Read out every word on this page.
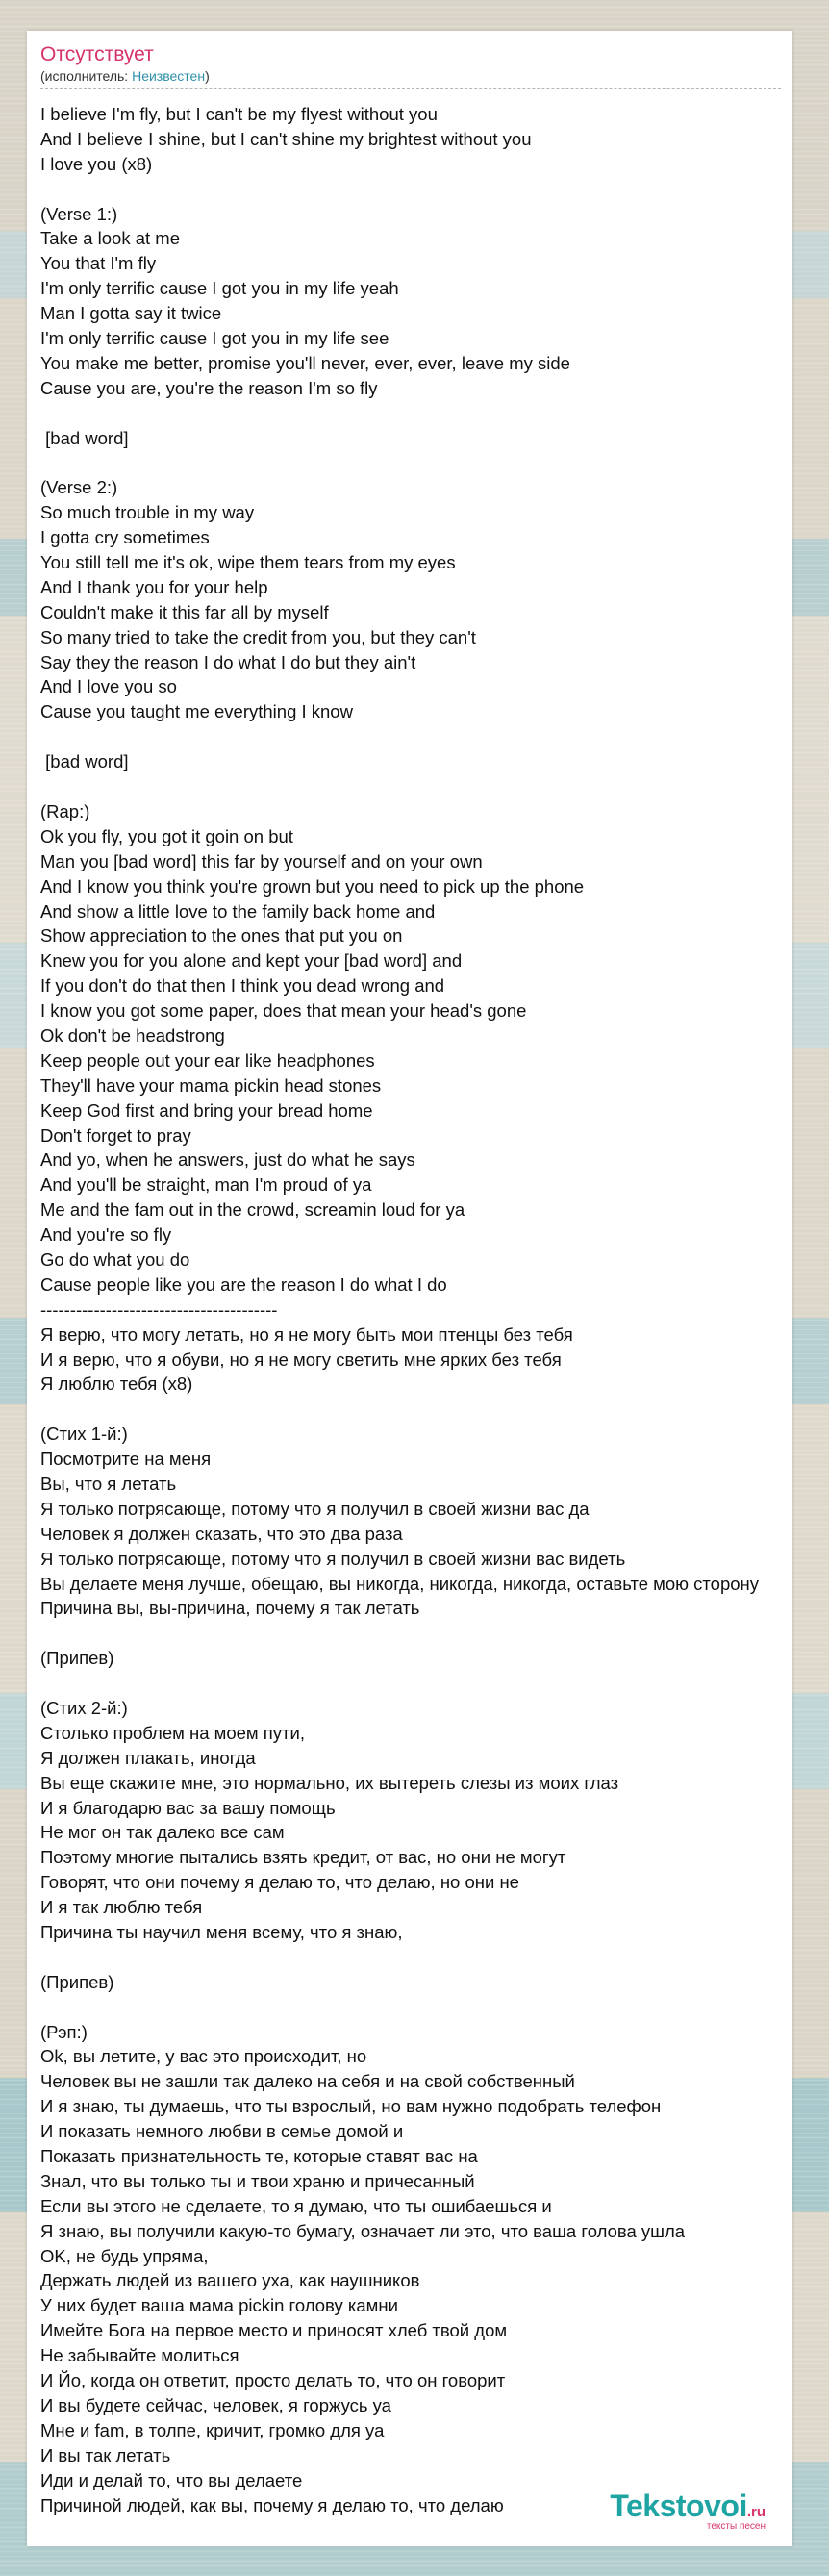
Отсутствует
(исполнитель: Неизвестен)
I believe I'm fly, but I can't be my flyest without you
And I believe I shine, but I can't shine my brightest without you
I love you (x8)
(Verse 1:)
Take a look at me
You that I'm fly
I'm only terrific cause I got you in my life yeah
Man I gotta say it twice
I'm only terrific cause I got you in my life see
You make me better, promise you'll never, ever, ever, leave my side
Cause you are, you're the reason I'm so fly
[bad word]
(Verse 2:)
So much trouble in my way
I gotta cry sometimes
You still tell me it's ok, wipe them tears from my eyes
And I thank you for your help
Couldn't make it this far all by myself
So many tried to take the credit from you, but they can't
Say they the reason I do what I do but they ain't
And I love you so
Cause you taught me everything I know
[bad word]
(Rap:)
Ok you fly, you got it goin on but
Man you [bad word] this far by yourself and on your own
And I know you think you're grown but you need to pick up the phone
And show a little love to the family back home and
Show appreciation to the ones that put you on
Knew you for you alone and kept your [bad word] and
If you don't do that then I think you dead wrong and
I know you got some paper, does that mean your head's gone
Ok don't be headstrong
Keep people out your ear like headphones
They'll have your mama pickin head stones
Keep God first and bring your bread home
Don't forget to pray
And yo, when he answers, just do what he says
And you'll be straight, man I'm proud of ya
Me and the fam out in the crowd, screamin loud for ya
And you're so fly
Go do what you do
Cause people like you are the reason I do what I do
----------------------------------------
Я верю, что могу летать, но я не могу быть мои птенцы без тебя
И я верю, что я обуви, но я не могу светить мне ярких без тебя
Я люблю тебя (x8)
(Стих 1-й:)
Посмотрите на меня
Вы, что я летать
Я только потрясающе, потому что я получил в своей жизни вас да
Человек я должен сказать, что это два раза
Я только потрясающе, потому что я получил в своей жизни вас видеть
Вы делаете меня лучше, обещаю, вы никогда, никогда, никогда, оставьте мою сторону
Причина вы, вы-причина, почему я так летать
(Припев)
(Стих 2-й:)
Столько проблем на моем пути,
Я должен плакать, иногда
Вы еще скажите мне, это нормально, их вытереть слезы из моих глаз
И я благодарю вас за вашу помощь
Не мог он так далеко все сам
Поэтому многие пытались взять кредит, от вас, но они не могут
Говорят, что они почему я делаю то, что делаю, но они не
И я так люблю тебя
Причина ты научил меня всему, что я знаю,
(Припев)
(Рэп:)
Ok, вы летите, у вас это происходит, но
Человек вы не зашли так далеко на себя и на свой собственный
И я знаю, ты думаешь, что ты взрослый, но вам нужно подобрать телефон
И показать немного любви в семье домой и
Показать признательность те, которые ставят вас на
Знал, что вы только ты и твои храню и причесанный
Если вы этого не сделаете, то я думаю, что ты ошибаешься и
Я знаю, вы получили какую-то бумагу, означает ли это, что ваша голова ушла
OK, не будь упряма,
Держать людей из вашего уха, как наушников
У них будет ваша мама pickin голову камни
Имейте Бога на первое место и приносят хлеб твой дом
Не забывайте молиться
И Йо, когда он ответит, просто делать то, что он говорит
И вы будете сейчас, человек, я горжусь уа
Мне и fam, в толпе, кричит, громко для уа
И вы так летать
Иди и делай то, что вы делаете
Причиной людей, как вы, почему я делаю то, что делаю	Tekstovoi.ru
тексты песен
